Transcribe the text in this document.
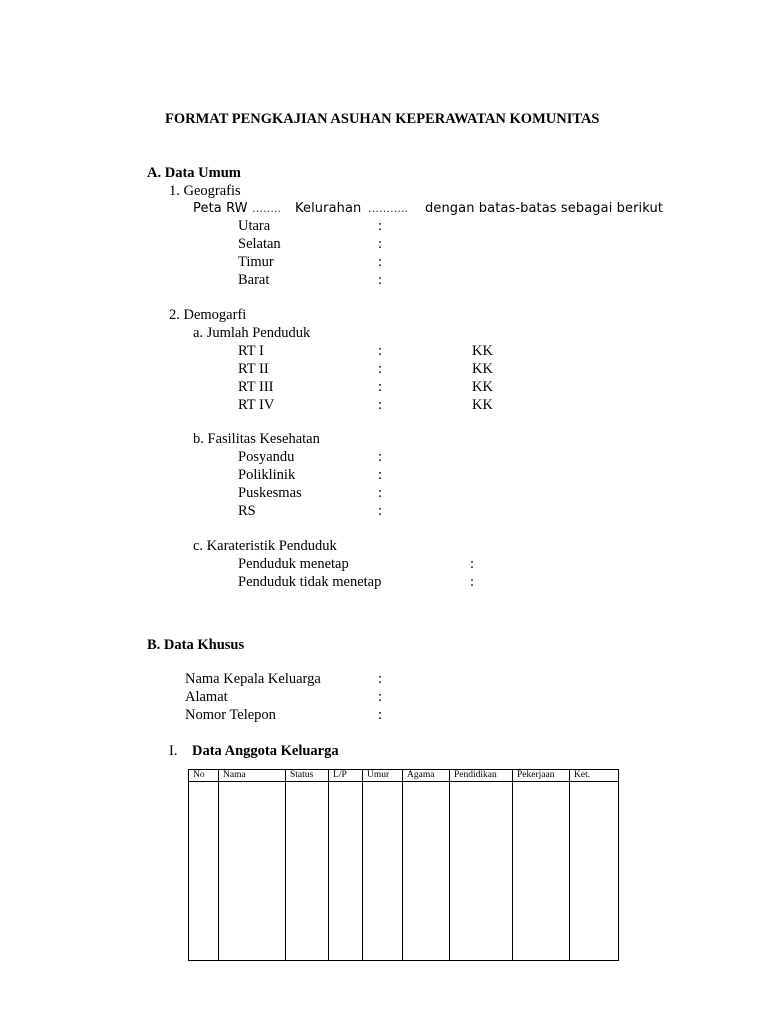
FORMAT PENGKAJIAN ASUHAN KEPERAWATAN KOMUNITAS
A. Data Umum
1. Geografis
Peta RW …….. Kelurahan ……….. dengan batas-batas sebagai berikut
Utara	:
Selatan	:
Timur	:
Barat	:
2. Demogarfi
a. Jumlah Penduduk
RT I	:	KK
RT II	:	KK
RT III	:	KK
RT IV	:	KK
b. Fasilitas Kesehatan
Posyandu	:
Poliklinik	:
Puskesmas	:
RS	:
c. Karateristik Penduduk
Penduduk menetap	:
Penduduk tidak menetap	:
B. Data Khusus
Nama Kepala Keluarga	:
Alamat	:
Nomor Telepon	:
I. Data Anggota Keluarga
No	Nama	Status	L/P	Umur	Agama	Pendidikan	Pekerjaan	Ket.
